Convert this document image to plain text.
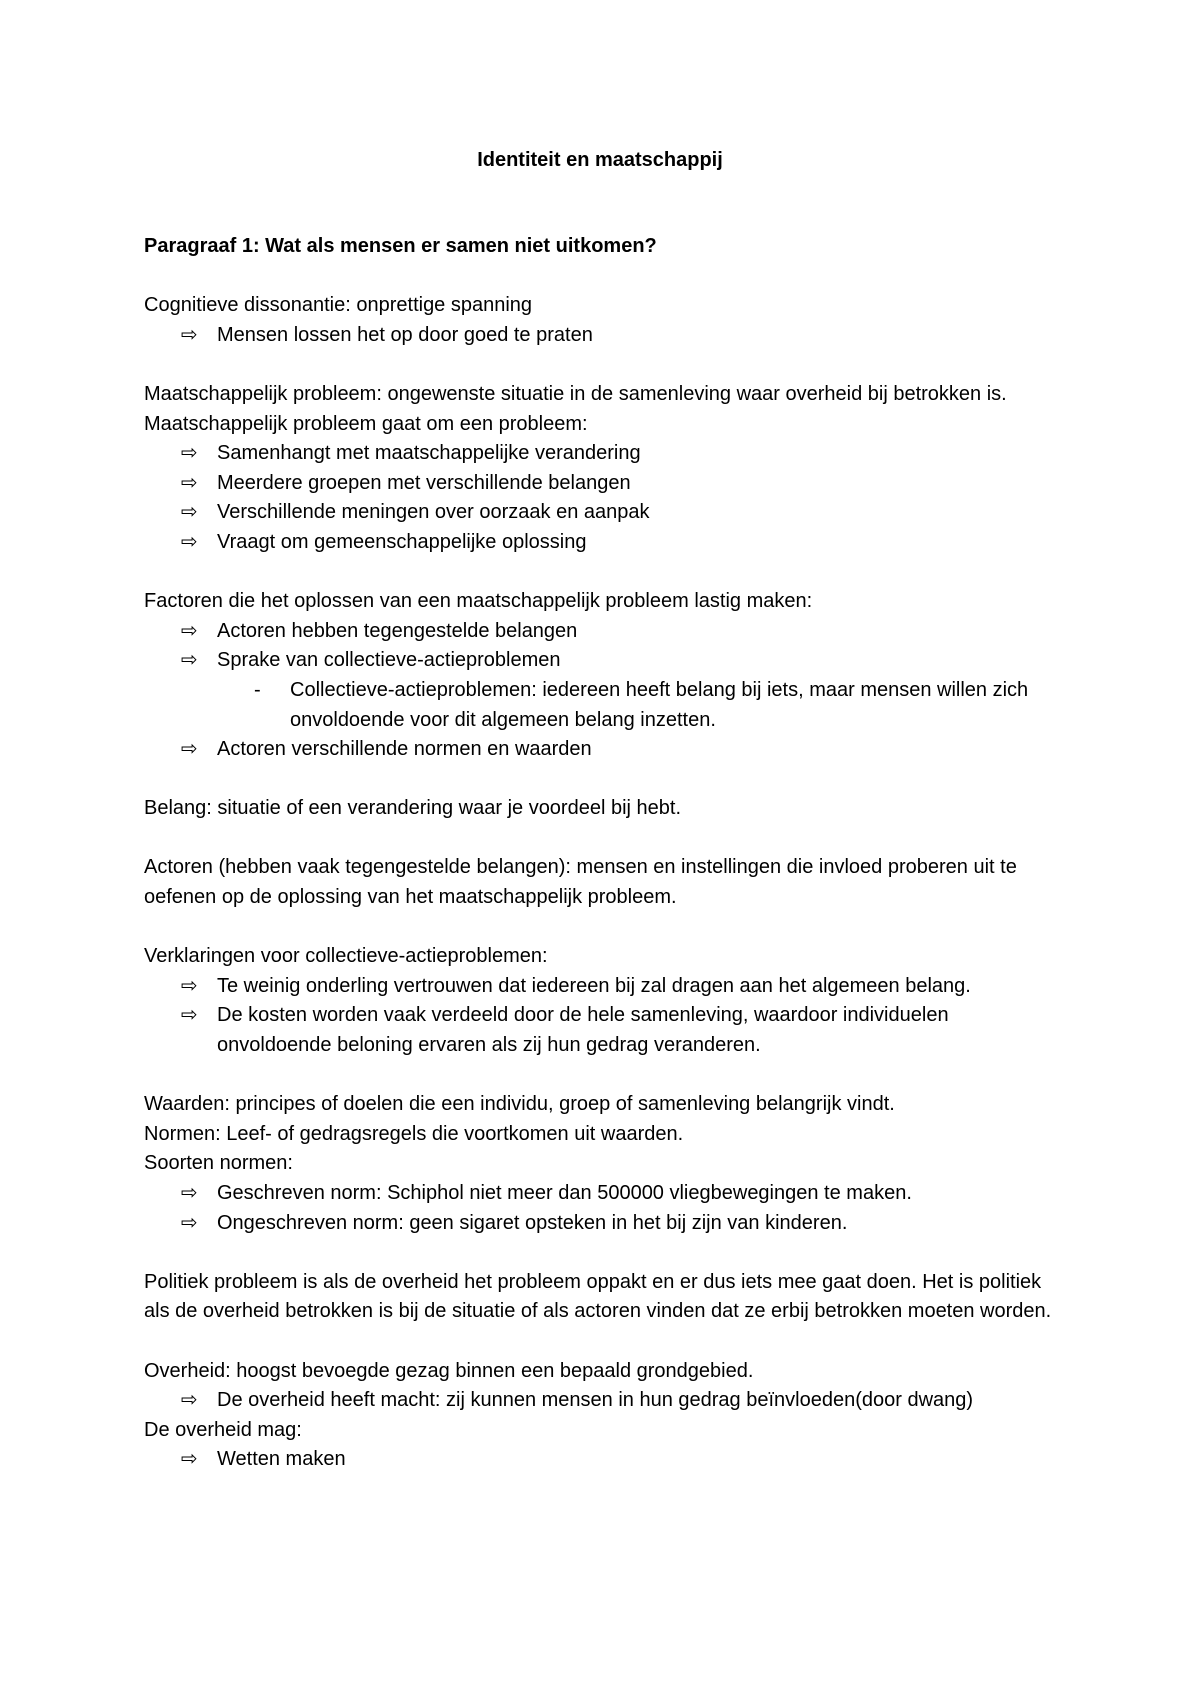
Identiteit en maatschappij
Paragraaf 1: Wat als mensen er samen niet uitkomen?
Cognitieve dissonantie: onprettige spanning
⇨ Mensen lossen het op door goed te praten
Maatschappelijk probleem: ongewenste situatie in de samenleving waar overheid bij betrokken is.
Maatschappelijk probleem gaat om een probleem:
⇨ Samenhangt met maatschappelijke verandering
⇨ Meerdere groepen met verschillende belangen
⇨ Verschillende meningen over oorzaak en aanpak
⇨ Vraagt om gemeenschappelijke oplossing
Factoren die het oplossen van een maatschappelijk probleem lastig maken:
⇨ Actoren hebben tegengestelde belangen
⇨ Sprake van collectieve-actieproblemen
- Collectieve-actieproblemen: iedereen heeft belang bij iets, maar mensen willen zich onvoldoende voor dit algemeen belang inzetten.
⇨ Actoren verschillende normen en waarden
Belang: situatie of een verandering waar je voordeel bij hebt.
Actoren (hebben vaak tegengestelde belangen): mensen en instellingen die invloed proberen uit te oefenen op de oplossing van het maatschappelijk probleem.
Verklaringen voor collectieve-actieproblemen:
⇨ Te weinig onderling vertrouwen dat iedereen bij zal dragen aan het algemeen belang.
⇨ De kosten worden vaak verdeeld door de hele samenleving, waardoor individuelen onvoldoende beloning ervaren als zij hun gedrag veranderen.
Waarden: principes of doelen die een individu, groep of samenleving belangrijk vindt.
Normen: Leef- of gedragsregels die voortkomen uit waarden.
Soorten normen:
⇨ Geschreven norm: Schiphol niet meer dan 500000 vliegbewegingen te maken.
⇨ Ongeschreven norm: geen sigaret opsteken in het bij zijn van kinderen.
Politiek probleem is als de overheid het probleem oppakt en er dus iets mee gaat doen. Het is politiek als de overheid betrokken is bij de situatie of als actoren vinden dat ze erbij betrokken moeten worden.
Overheid: hoogst bevoegde gezag binnen een bepaald grondgebied.
⇨ De overheid heeft macht: zij kunnen mensen in hun gedrag beïnvloeden(door dwang)
De overheid mag:
⇨ Wetten maken
